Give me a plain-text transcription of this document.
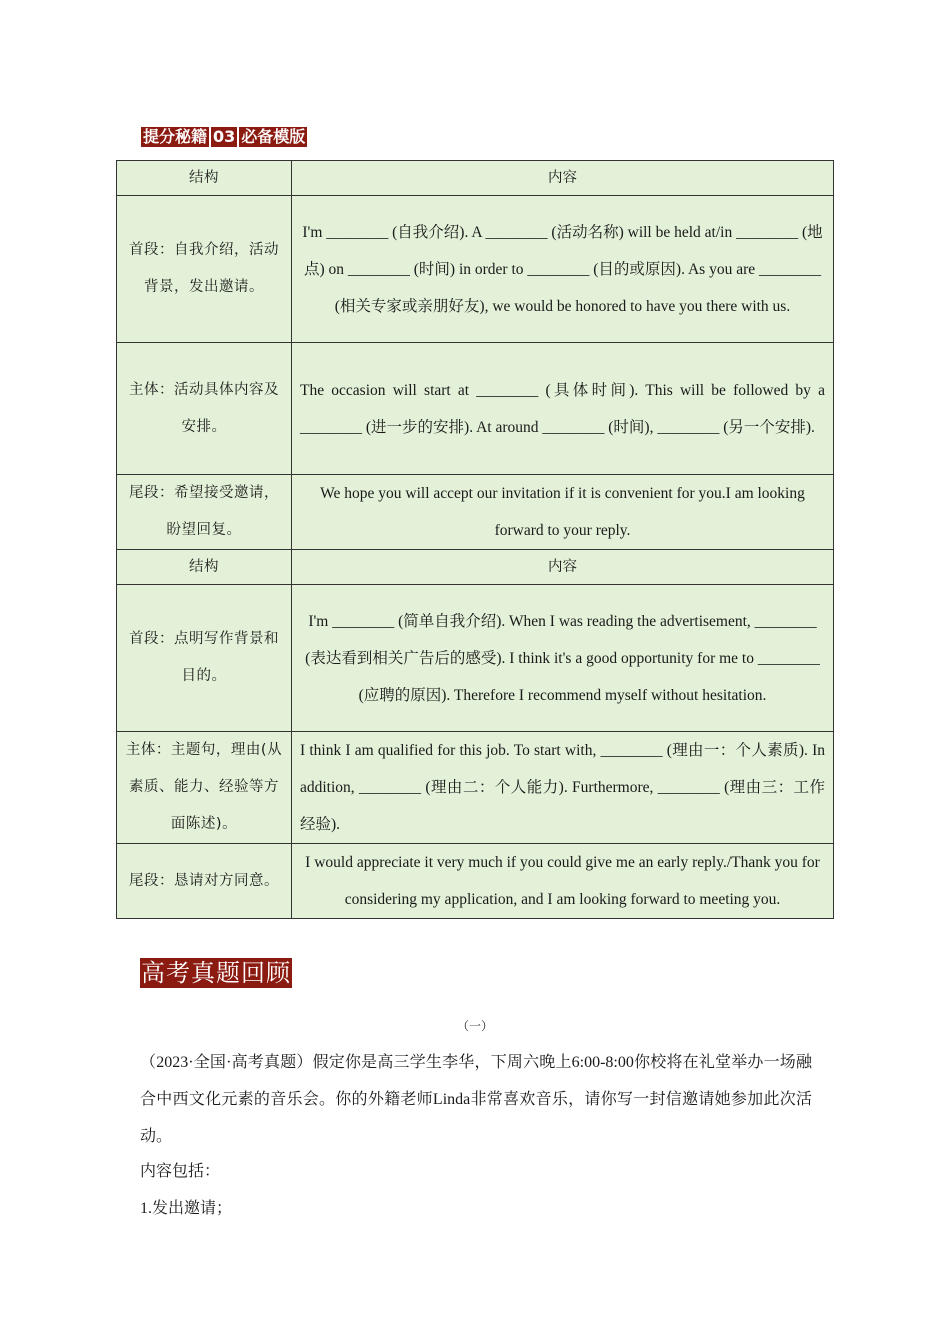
提分秘籍 03 必备模版
结构	内容
首段：自我介绍，活动背景，发出邀请。	I'm ________ (自我介绍). A ________ (活动名称) will be held at/in ________ (地点) on ________ (时间) in order to ________ (目的或原因). As you are ________ (相关专家或亲朋好友), we would be honored to have you there with us.
主体：活动具体内容及安排。	The occasion will start at ________ (具体时间). This will be followed by a ________ (进一步的安排). At around ________ (时间), ________ (另一个安排).
尾段：希望接受邀请，盼望回复。	We hope you will accept our invitation if it is convenient for you.I am looking forward to your reply.
结构	内容
首段：点明写作背景和目的。	I'm ________ (简单自我介绍). When I was reading the advertisement, ________ (表达看到相关广告后的感受). I think it's a good opportunity for me to ________ (应聘的原因). Therefore I recommend myself without hesitation.
主体：主题句，理由(从素质、能力、经验等方面陈述)。	I think I am qualified for this job. To start with, ________ (理由一：个人素质). In addition, ________ (理由二：个人能力). Furthermore, ________ (理由三：工作经验).
尾段：恳请对方同意。	I would appreciate it very much if you could give me an early reply./Thank you for considering my application, and I am looking forward to meeting you.
高考真题回顾
（一）
（2023·全国·高考真题）假定你是高三学生李华，下周六晚上6:00-8:00你校将在礼堂举办一场融合中西文化元素的音乐会。你的外籍老师Linda非常喜欢音乐，请你写一封信邀请她参加此次活动。
内容包括：
1.发出邀请；
